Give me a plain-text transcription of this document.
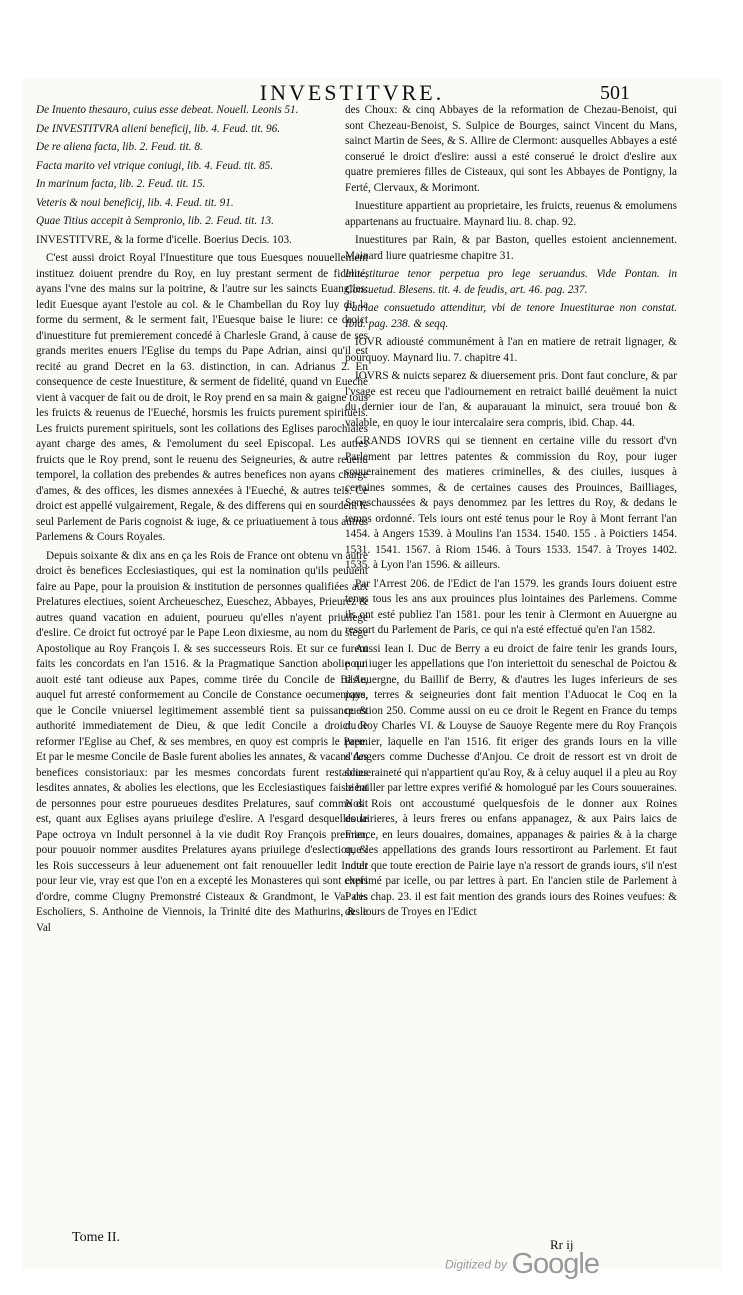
INVESTITVRE.	501

De Inuento thesauro, cuius esse debeat. Nouell. Leonis 51.

De INVESTITVRA alieni beneficij, lib. 4. Feud. tit. 96.

De re aliena facta, lib. 2. Feud. tit. 8.

Facta marito vel vtrique coniugi, lib. 4. Feud. tit. 85.

In marinum facta, lib. 2. Feud. tit. 15.

Veteris & noui beneficij, lib. 4. Feud. tit. 91.

Quae Titius accepit à Sempronio, lib. 2. Feud. tit. 13.

INVESTITVRE, & la forme d'icelle. Boerius Decis. 103.

C'est aussi droict Royal l'Inuestiture que tous Euesques nouuellement instituez doiuent prendre du Roy, en luy prestant serment de fidelité, ayans l'vne des mains sur la poitrine, & l'autre sur les saincts Euangiles: ledit Euesque ayant l'estole au col. & le Chambellan du Roy luy dit la forme du serment, & le serment fait, l'Euesque baise le liure: ce droict d'inuestiture fut premierement concedé à Charlesle Grand, à cause de ses grands merites enuers l'Eglise du temps du Pape Adrian, ainsi qu'il est recité au grand Decret en la 63. distinction, in can. Adrianus 2. En consequence de ceste Inuestiture, & serment de fidelité, quand vn Eueché vient à vacquer de fait ou de droit, le Roy prend en sa main & gaigne tous les fruicts & reuenus de l'Eueché, horsmis les fruicts purement spirituels. Les fruicts purement spirituels, sont les collations des Eglises parochiales ayant charge des ames, & l'emolument du seel Episcopal. Les autres fruicts que le Roy prend, sont le reuenu des Seigneuries, & autre reuenu temporel, la collation des prebendes & autres benefices non ayans charge d'ames, & des offices, les dismes annexées à l'Eueché, & autres tels. Ce droict est appellé vulgairement, Regale, & des differens qui en sourdent le seul Parlement de Paris cognoist & iuge, & ce priuatiuement à tous autres Parlemens & Cours Royales.

Depuis soixante & dix ans en ça les Rois de France ont obtenu vn autre droict ès benefices Ecclesiastiques, qui est la nomination qu'ils peuuent faire au Pape, pour la prouision & institution de personnes qualifiées aux Prelatures electiues, soient Archeueschez, Eueschez, Abbayes, Prieurez & autres quand vacation en aduient, pourueu qu'elles n'ayent priuilege d'eslire. Ce droict fut octroyé par le Pape Leon dixiesme, au nom du siege Apostolique au Roy François I. & ses successeurs Rois. Et sur ce furent faits les concordats en l'an 1516. & la Pragmatique Sanction abolie qui auoit esté tant odieuse aux Papes, comme tirée du Concile de Basle, auquel fut arresté conformement au Concile de Constance oecumenique, que le Concile vniuersel legitimement assemblé tient sa puissance & authorité immediatement de Dieu, & que ledit Concile a droict de reformer l'Eglise au Chef, & ses membres, en quoy est compris le Pape. Et par le mesme Concile de Basle furent abolies les annates, & vacans des benefices consistoriaux: par les mesmes concordats furent restablies lesdites annates, & abolies les elections, que les Ecclesiastiques faisoient de personnes pour estre pourueues desdites Prelatures, sauf comme dit est, quant aux Eglises ayans priuilege d'eslire. A l'esgard desquelles le Pape octroya vn Indult personnel à la vie dudit Roy François premier, pour pouuoir nommer ausdites Prelatures ayans priuilege d'eslection, & les Rois successeurs à leur aduenement ont fait renouueller ledit Indult pour leur vie, vray est que l'on en a excepté les Monasteres qui sont chefs d'ordre, comme Clugny Premonstré Cisteaux & Grandmont, le Val des Escholiers, S. Anthoine de Viennois, la Trinité dite des Mathurins, & le Val

des Choux: & cinq Abbayes de la reformation de Chezau-Benoist, qui sont Chezeau-Benoist, S. Sulpice de Bourges, sainct Vincent du Mans, sainct Martin de Sees, & S. Allire de Clermont: ausquelles Abbayes a esté conserué le droict d'eslire: aussi a esté conserué le droict d'eslire aux quatre premieres filles de Cisteaux, qui sont les Abbayes de Pontigny, la Ferté, Clervaux, & Morimont.

Inuestiture appartient au proprietaire, les fruicts, reuenus & emolumens appartenans au fructuaire. Maynard liu. 8. chap. 92.

Inuestitures par Rain, & par Baston, quelles estoient anciennement. Mainard liure quatriesme chapitre 31.

Inuestiturae tenor perpetua pro lege seruandus. Vide Pontan. in Consuetud. Blesens. tit. 4. de feudis, art. 46. pag. 237.

Patriae consuetudo attenditur, vbi de tenore Inuestiturae non constat. Ibid. pag. 238. & seqq.

IOVR adiousté communément à l'an en matiere de retrait lignager, & pourquoy. Maynard liu. 7. chapitre 41.

IOVRS & nuicts separez & diuersement pris. Dont faut conclure, & par l'vsage est receu que l'adiournement en retraict baillé deuëment la nuict du dernier iour de l'an, & auparauant la minuict, sera trouué bon & valable, en quoy le iour intercalaire sera compris, ibid. Chap. 44.

GRANDS IOVRS qui se tiennent en certaine ville du ressort d'vn Parlement par lettres patentes & commission du Roy, pour iuger souuerainement des matieres criminelles, & des ciuiles, iusques à certaines sommes, & de certaines causes des Prouinces, Bailliages, Seneschaussées & pays denommez par les lettres du Roy, & dedans le temps ordonné. Tels iours ont esté tenus pour le Roy à Mont ferrant l'an 1454. à Angers 1539. à Moulins l'an 1534. 1540. 155 . à Poictiers 1454. 1531. 1541. 1567. à Riom 1546. à Tours 1533. 1547. à Troyes 1402. 1535. à Lyon l'an 1596. & ailleurs.

Par l'Arrest 206. de l'Edict de l'an 1579. les grands Iours doiuent estre tenus tous les ans aux prouinces plus lointaines des Parlemens. Comme ils ont esté publiez l'an 1581. pour les tenir à Clermont en Auuergne au ressort du Parlement de Paris, ce qui n'a esté effectué qu'en l'an 1582.

Aussi Iean I. Duc de Berry a eu droict de faire tenir les grands Iours, pour iuger les appellations que l'on interiettoit du seneschal de Poictou & d'Auuergne, du Baillif de Berry, & d'autres les Iuges inferieurs de ses pays, terres & seigneuries dont fait mention l'Aduocat le Coq en la question 250. Comme aussi on eu ce droit le Regent en France du temps du Roy Charles VI. & Louyse de Sauoye Regente mere du Roy François premier, laquelle en l'an 1516. fit eriger des grands Iours en la ville d'Angers comme Duchesse d'Anjou. Ce droit de ressort est vn droit de souueraineté qui n'appartient qu'au Roy, & à celuy auquel il a pleu au Roy le bailler par lettre expres verifié & homologué par les Cours souueraines. Nos Rois ont accoustumé quelquesfois de le donner aux Roines douairieres, à leurs freres ou enfans appanagez, & aux Pairs laics de France, en leurs douaires, domaines, appanages & pairies & à la charge que les appellations des grands Iours ressortiront au Parlement. Et faut noter que toute erection de Pairie laye n'a ressort de grands iours, s'il n'est exprimé par icelle, ou par lettres à part. En l'ancien stile de Parlement à Paris chap. 23. il est fait mention des grands iours des Roines veufues: & des iours de Troyes en l'Edict

Tome II.	Rr ij
Digitized by Google
